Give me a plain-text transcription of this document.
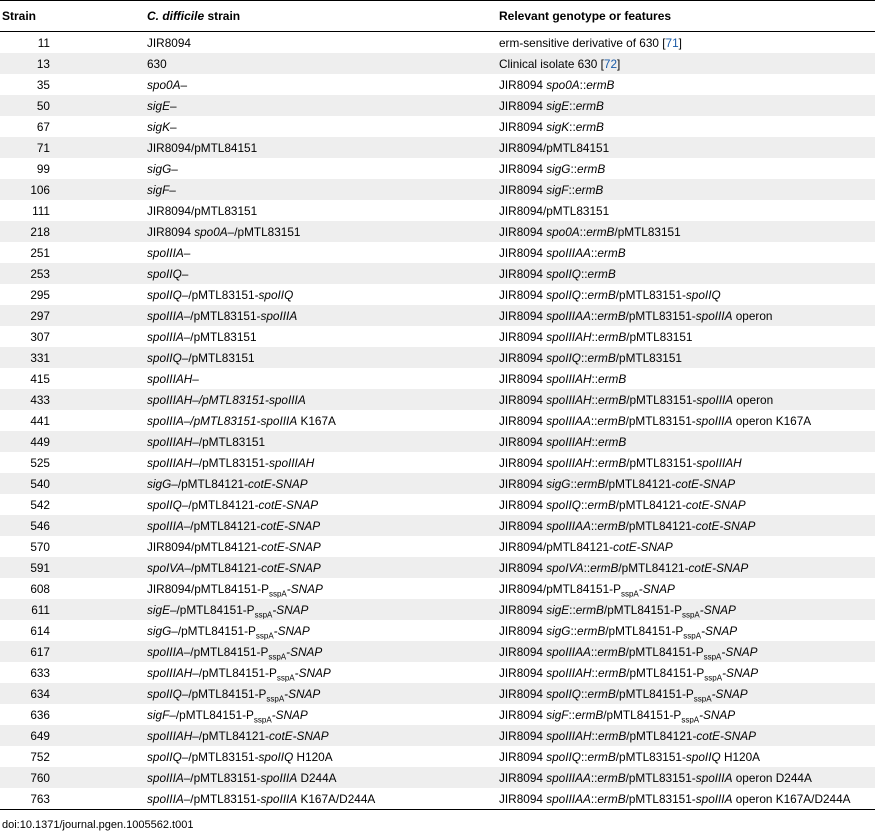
Strain	C. difficile strain	Relevant genotype or features
11	JIR8094	erm-sensitive derivative of 630 [71]
13	630	Clinical isolate 630 [72]
35	spo0A–	JIR8094 spo0A::ermB
50	sigE–	JIR8094 sigE::ermB
67	sigK–	JIR8094 sigK::ermB
71	JIR8094/pMTL84151	JIR8094/pMTL84151
99	sigG–	JIR8094 sigG::ermB
106	sigF–	JIR8094 sigF::ermB
111	JIR8094/pMTL83151	JIR8094/pMTL83151
218	JIR8094 spo0A–/pMTL83151	JIR8094 spo0A::ermB/pMTL83151
251	spoIIIA–	JIR8094 spoIIIAA::ermB
253	spoIIQ–	JIR8094 spoIIQ::ermB
295	spoIIQ–/pMTL83151-spoIIQ	JIR8094 spoIIQ::ermB/pMTL83151-spoIIQ
297	spoIIIA–/pMTL83151-spoIIIA	JIR8094 spoIIIAA::ermB/pMTL83151-spoIIIA operon
307	spoIIIA–/pMTL83151	JIR8094 spoIIIAH::ermB/pMTL83151
331	spoIIQ–/pMTL83151	JIR8094 spoIIQ::ermB/pMTL83151
415	spoIIIAH–	JIR8094 spoIIIAH::ermB
433	spoIIIAH–/pMTL83151-spoIIIA	JIR8094 spoIIIAH::ermB/pMTL83151-spoIIIA operon
441	spoIIIA–/pMTL83151-spoIIIA K167A	JIR8094 spoIIIAA::ermB/pMTL83151-spoIIIA operon K167A
449	spoIIIAH–/pMTL83151	JIR8094 spoIIIAH::ermB
525	spoIIIAH–/pMTL83151-spoIIIAH	JIR8094 spoIIIAH::ermB/pMTL83151-spoIIIAH
540	sigG–/pMTL84121-cotE-SNAP	JIR8094 sigG::ermB/pMTL84121-cotE-SNAP
542	spoIIQ–/pMTL84121-cotE-SNAP	JIR8094 spoIIQ::ermB/pMTL84121-cotE-SNAP
546	spoIIIA–/pMTL84121-cotE-SNAP	JIR8094 spoIIIAA::ermB/pMTL84121-cotE-SNAP
570	JIR8094/pMTL84121-cotE-SNAP	JIR8094/pMTL84121-cotE-SNAP
591	spoIVA–/pMTL84121-cotE-SNAP	JIR8094 spoIVA::ermB/pMTL84121-cotE-SNAP
608	$JIR8094/pMTL84151-P_{sspA}$-SNAP	$JIR8094/pMTL84151-P_{sspA}$-SNAP
611	sigE–$/pMTL84151-P_{sspA}$-SNAP	JIR8094 $sigE::ermB/pMTL84151-P_{sspA}$-SNAP
614	sigG–$/pMTL84151-P_{sspA}$-SNAP	JIR8094 $sigG::ermB/pMTL84151-P_{sspA}$-SNAP
617	spoIIIA–$/pMTL84151-P_{sspA}$-SNAP	JIR8094 $spoIIIAA::ermB/pMTL84151-P_{sspA}$-SNAP
633	spoIIIAH–$/pMTL84151-P_{sspA}$-SNAP	JIR8094 $spoIIIAH::ermB/pMTL84151-P_{sspA}$-SNAP
634	spoIIQ–$/pMTL84151-P_{sspA}$-SNAP	JIR8094 $spoIIQ::ermB/pMTL84151-P_{sspA}$-SNAP
636	sigF–$/pMTL84151-P_{sspA}$-SNAP	JIR8094 $sigF::ermB/pMTL84151-P_{sspA}$-SNAP
649	spoIIIAH–/pMTL84121-cotE-SNAP	JIR8094 spoIIIAH::ermB/pMTL84121-cotE-SNAP
752	spoIIQ–/pMTL83151-spoIIQ H120A	JIR8094 spoIIQ::ermB/pMTL83151-spoIIQ H120A
760	spoIIIA–/pMTL83151-spoIIIA D244A	JIR8094 spoIIIAA::ermB/pMTL83151-spoIIIA operon D244A
763	spoIIIA–/pMTL83151-spoIIIA K167A/D244A	JIR8094 spoIIIAA::ermB/pMTL83151-spoIIIA operon K167A/D244A
doi:10.1371/journal.pgen.1005562.t001
